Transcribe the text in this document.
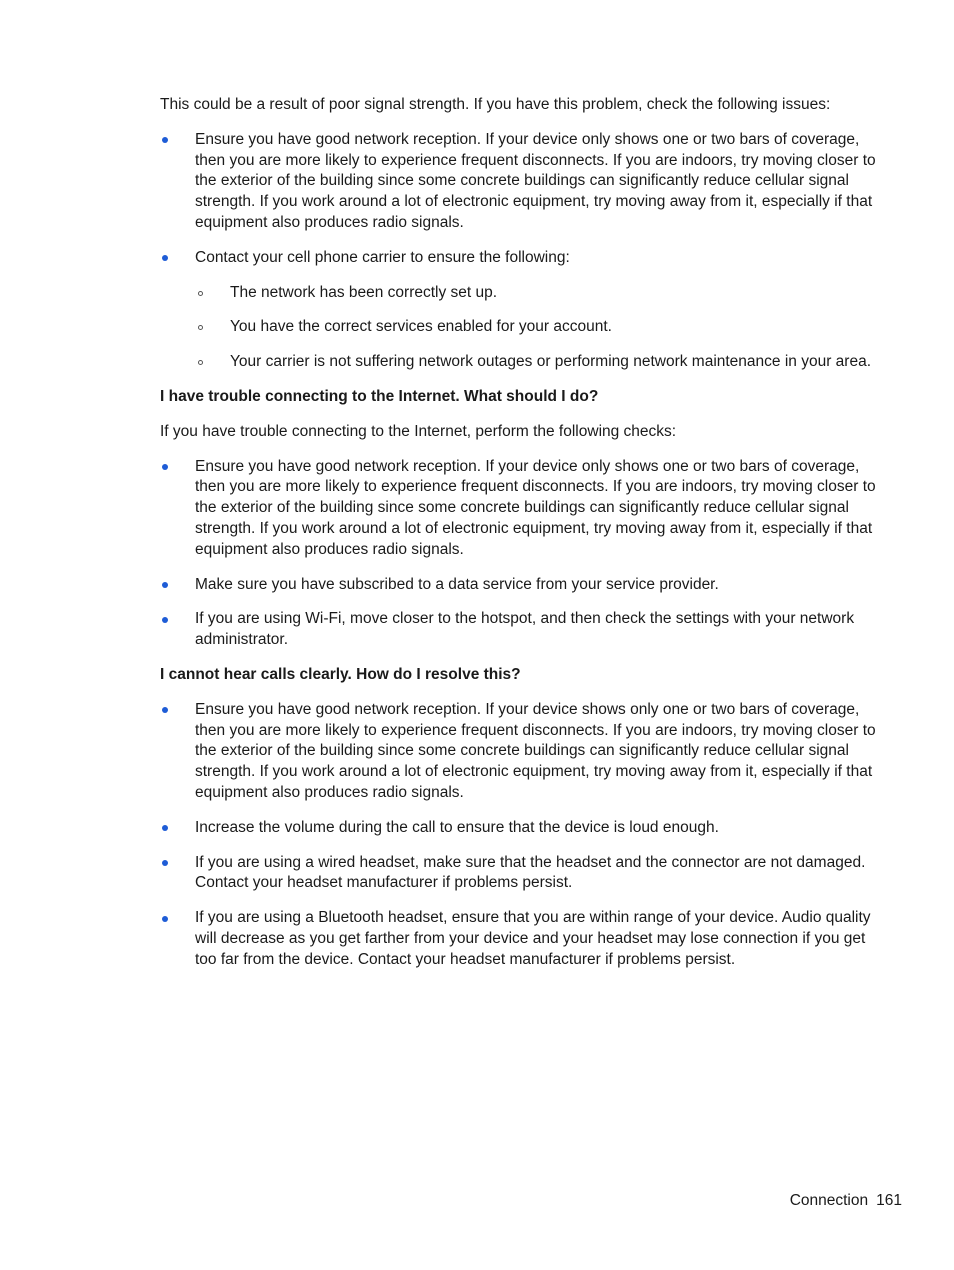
This could be a result of poor signal strength. If you have this problem, check the following issues:

Ensure you have good network reception. If your device only shows one or two bars of coverage, then you are more likely to experience frequent disconnects. If you are indoors, try moving closer to the exterior of the building since some concrete buildings can significantly reduce cellular signal strength. If you work around a lot of electronic equipment, try moving away from it, especially if that equipment also produces radio signals.
Contact your cell phone carrier to ensure the following:
The network has been correctly set up.
You have the correct services enabled for your account.
Your carrier is not suffering network outages or performing network maintenance in your area.
I have trouble connecting to the Internet. What should I do?

If you have trouble connecting to the Internet, perform the following checks:

Ensure you have good network reception. If your device only shows one or two bars of coverage, then you are more likely to experience frequent disconnects. If you are indoors, try moving closer to the exterior of the building since some concrete buildings can significantly reduce cellular signal strength. If you work around a lot of electronic equipment, try moving away from it, especially if that equipment also produces radio signals.
Make sure you have subscribed to a data service from your service provider.
If you are using Wi-Fi, move closer to the hotspot, and then check the settings with your network administrator.
I cannot hear calls clearly. How do I resolve this?
Ensure you have good network reception. If your device shows only one or two bars of coverage, then you are more likely to experience frequent disconnects. If you are indoors, try moving closer to the exterior of the building since some concrete buildings can significantly reduce cellular signal strength. If you work around a lot of electronic equipment, try moving away from it, especially if that equipment also produces radio signals.
Increase the volume during the call to ensure that the device is loud enough.
If you are using a wired headset, make sure that the headset and the connector are not damaged. Contact your headset manufacturer if problems persist.
If you are using a Bluetooth headset, ensure that you are within range of your device. Audio quality will decrease as you get farther from your device and your headset may lose connection if you get too far from the device. Contact your headset manufacturer if problems persist.
Connection 161
